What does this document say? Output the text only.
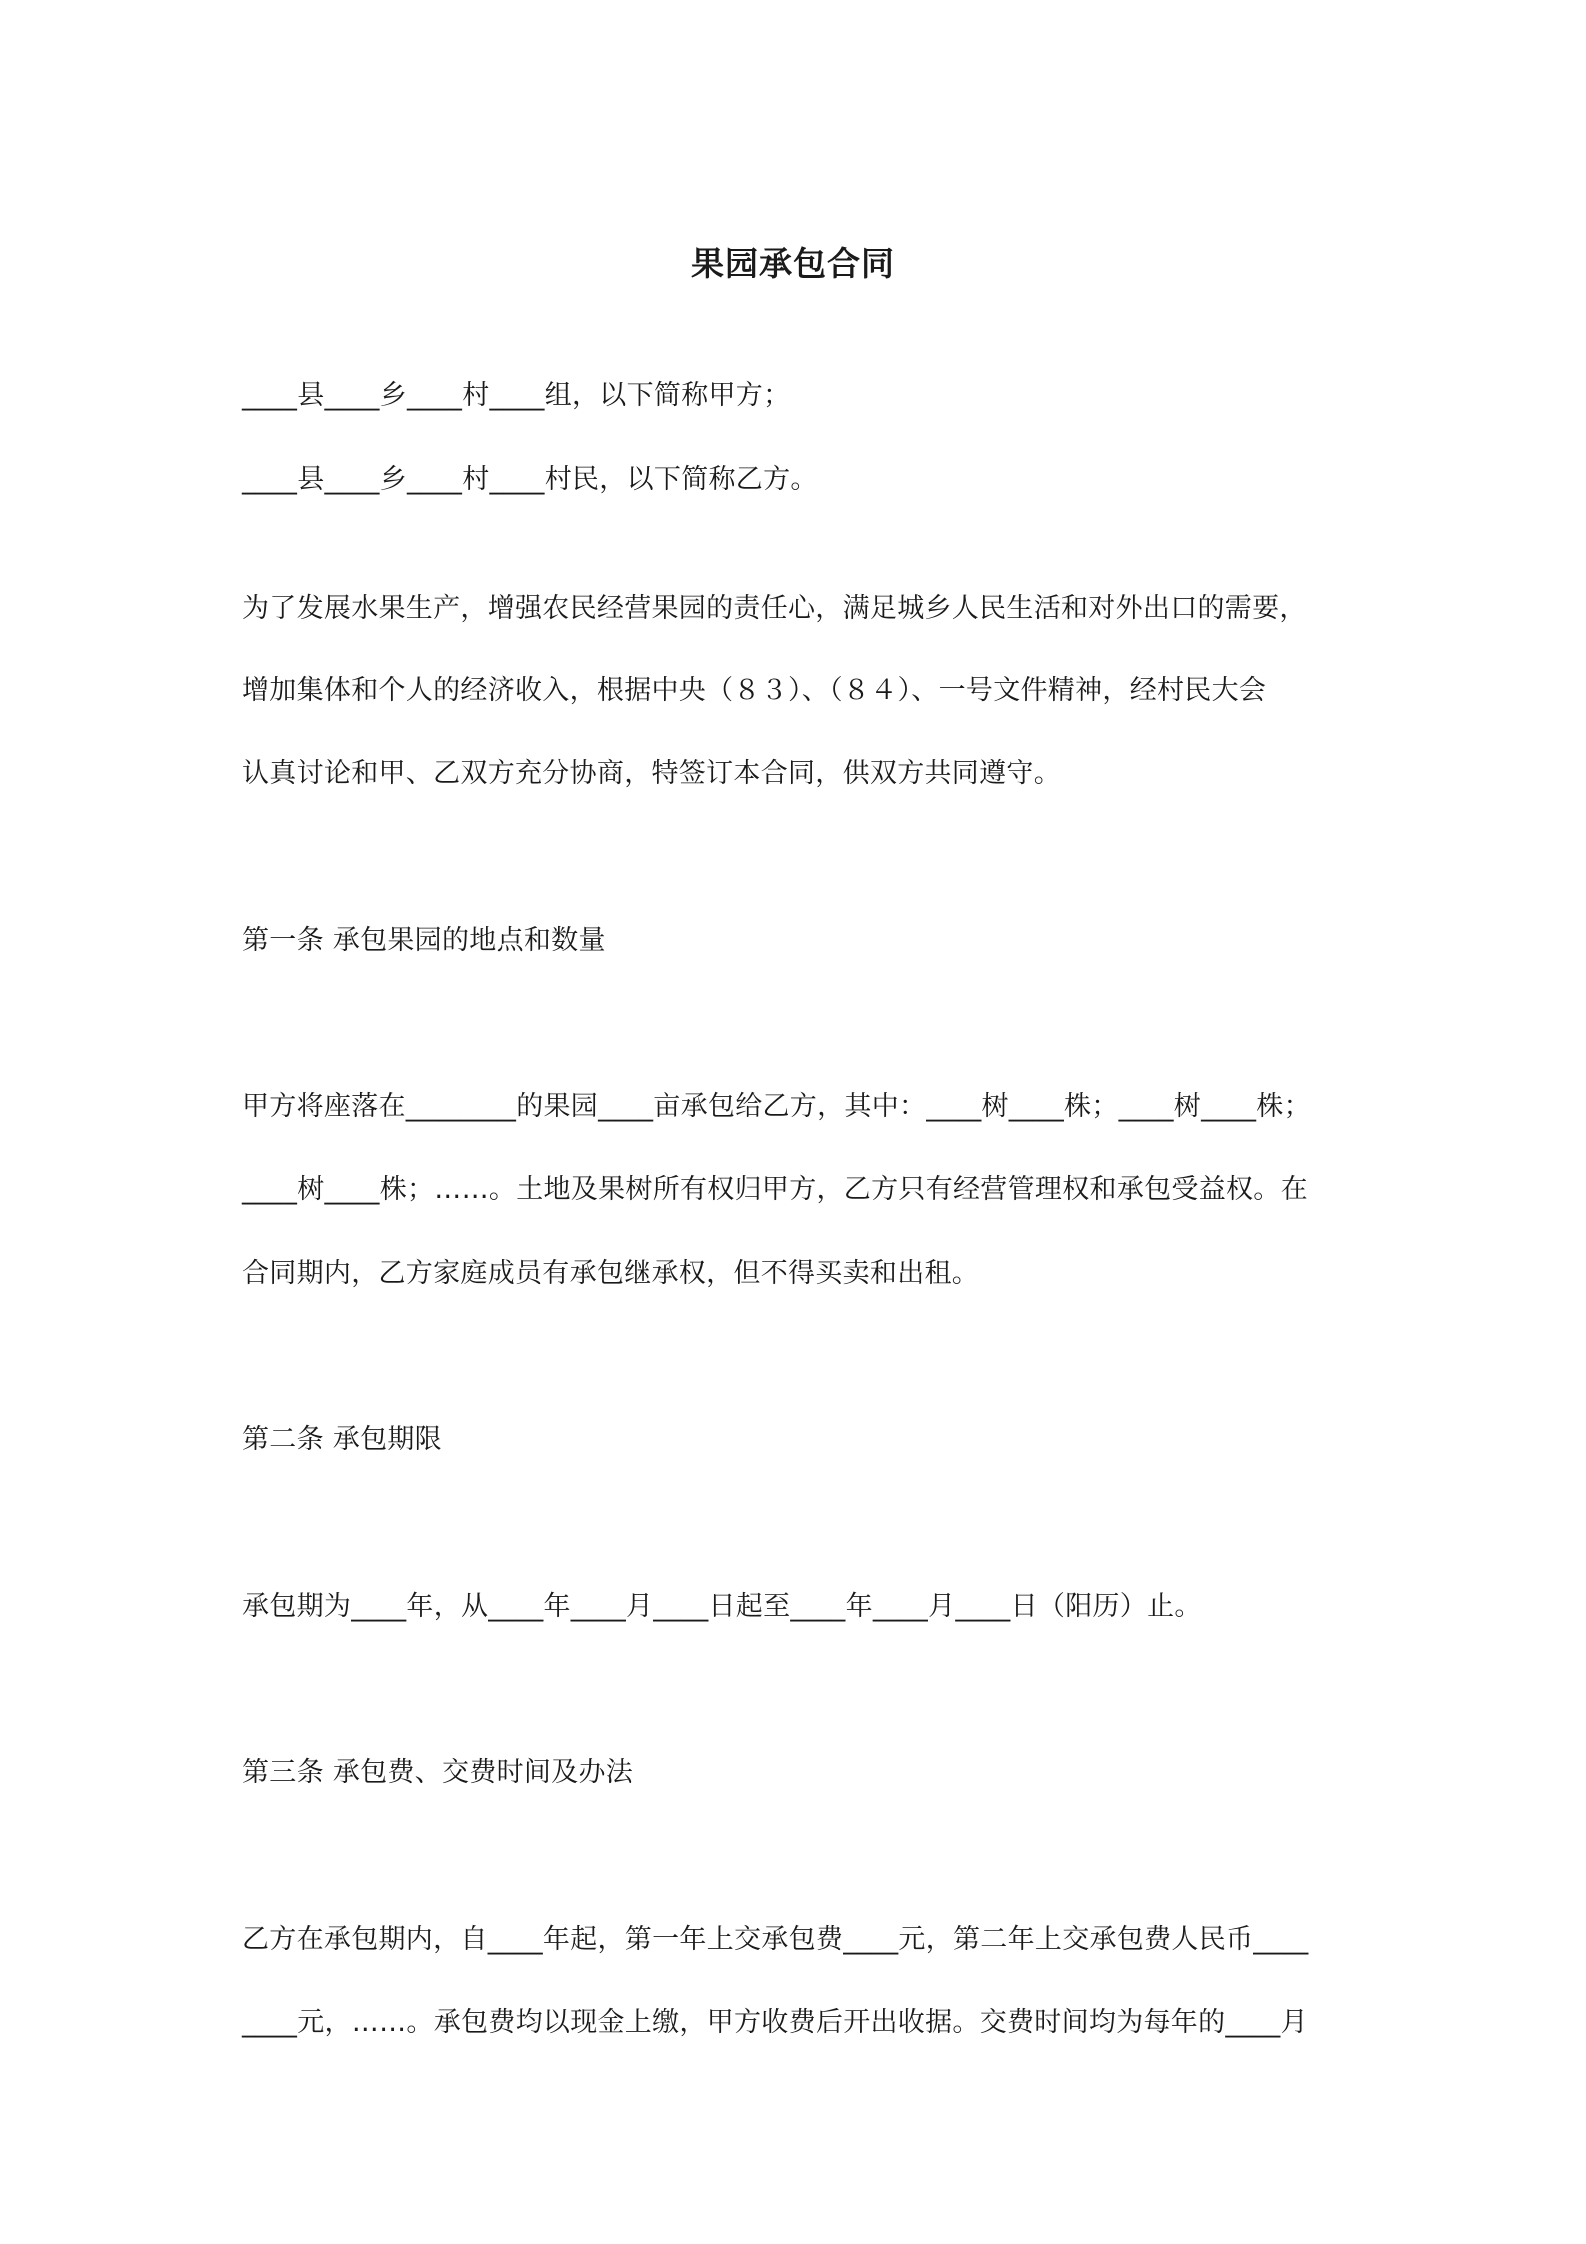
果园承包合同
____县____乡____村____组，以下简称甲方；
____县____乡____村____村民，以下简称乙方。
为了发展水果生产，增强农民经营果园的责任心，满足城乡人民生活和对外出口的需要，
增加集体和个人的经济收入，根据中央（８３）、（８４）、一号文件精神，经村民大会
认真讨论和甲、乙双方充分协商，特签订本合同，供双方共同遵守。
第一条 承包果园的地点和数量
甲方将座落在________的果园____亩承包给乙方，其中：____树____株；____树____株；
____树____株；……。土地及果树所有权归甲方，乙方只有经营管理权和承包受益权。在
合同期内，乙方家庭成员有承包继承权，但不得买卖和出租。
第二条 承包期限
承包期为____年，从____年____月____日起至____年____月____日（阳历）止。
第三条 承包费、交费时间及办法
乙方在承包期内，自____年起，第一年上交承包费____元，第二年上交承包费人民币____
____元，……。承包费均以现金上缴，甲方收费后开出收据。交费时间均为每年的____月
